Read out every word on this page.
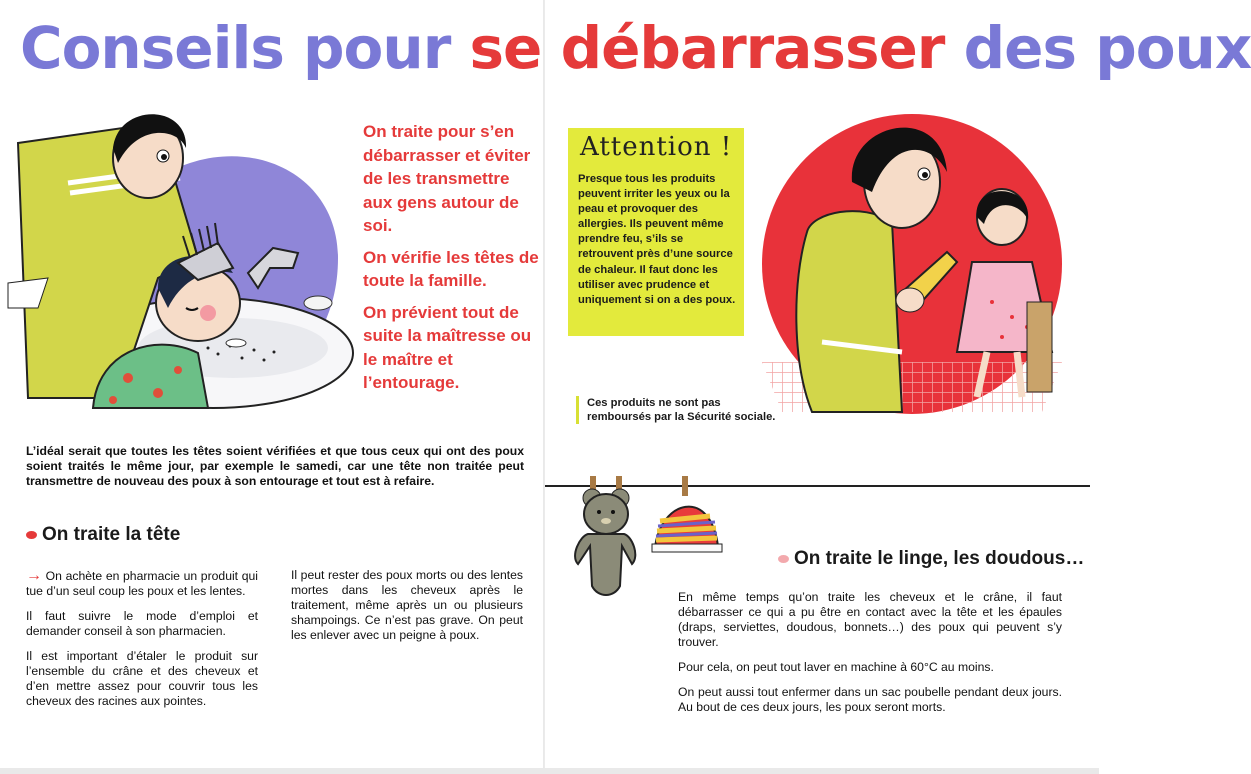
Conseils pour se débarrasser des poux

On traite pour s’en débarrasser et éviter de les transmettre aux gens autour de soi.

On vérifie les têtes de toute la famille.

On prévient tout de suite la maîtresse ou le maître et l’entourage.

Attention !
Presque tous les produits peuvent irriter les yeux ou la peau et provoquer des allergies. Ils peuvent même prendre feu, s’ils se retrouvent près d’une source de chaleur. Il faut donc les utiliser avec prudence et uniquement si on a des poux.
Ces produits ne sont pas remboursés par la Sécurité sociale.
L’idéal serait que toutes les têtes soient vérifiées et que tous ceux qui ont des poux soient traités le même jour, par exemple le samedi, car une tête non traitée peut transmettre de nouveau des poux à son entourage et tout est à refaire.
On traite la tête

→ On achète en pharmacie un produit qui tue d’un seul coup les poux et les lentes.

Il faut suivre le mode d’emploi et demander conseil à son pharmacien.

Il est important d’étaler le produit sur l’ensemble du crâne et des cheveux et d’en mettre assez pour couvrir tous les cheveux des racines aux pointes.

Il peut rester des poux morts ou des lentes mortes dans les cheveux après le traitement, même après un ou plusieurs shampoings. Ce n’est pas grave. On peut les enlever avec un peigne à poux.

On traite le linge, les doudous…

En même temps qu’on traite les cheveux et le crâne, il faut débarrasser ce qui a pu être en contact avec la tête et les épaules (draps, serviettes, doudous, bonnets…) des poux qui peuvent s’y trouver.

Pour cela, on peut tout laver en machine à 60°C au moins.

On peut aussi tout enfermer dans un sac poubelle pendant deux jours. Au bout de ces deux jours, les poux seront morts.
